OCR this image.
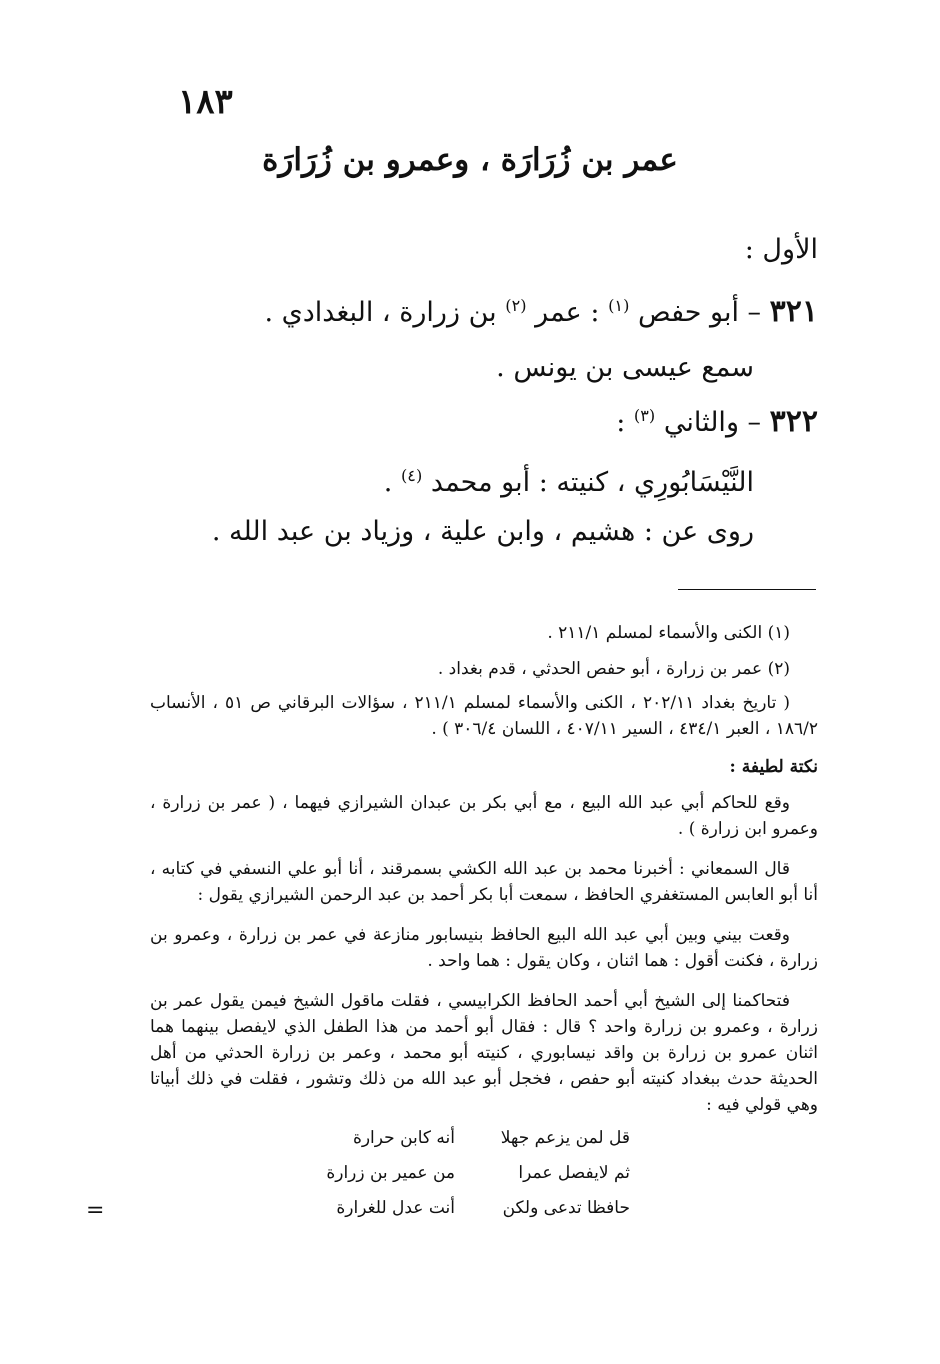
١٨٣
عمر بن زُرَارَة ، وعمرو بن زُرَارَة
الأول :
٣٢١ – أبو حفص $^{(١)}$ : عمر $^{(٢)}$ بن زرارة ، البغدادي .
سمع عيسى بن يونس .
٣٢٢ – والثاني $^{(٣)}$ :
النَّيْسَابُورِي ، كنيته : أبو محمد $^{(٤)}$ .
روى عن : هشيم ، وابن علية ، وزياد بن عبد الله .
(١) الكنى والأسماء لمسلم ٢١١/١ .
(٢) عمر بن زرارة ، أبو حفص الحدثي ، قدم بغداد .
( تاريخ بغداد ٢٠٢/١١ ، الكنى والأسماء لمسلم ٢١١/١ ، سؤالات البرقاني ص ٥١ ، الأنساب ١٨٦/٢ ، العبر ٤٣٤/١ ، السير ٤٠٧/١١ ، اللسان ٣٠٦/٤ ) .
نكتة لطيفة :
وقع للحاكم أبي عبد الله البيع ، مع أبي بكر بن عبدان الشيرازي فيهما ، ( عمر بن زرارة ، وعمرو ابن زرارة ) .
قال السمعاني : أخبرنا محمد بن عبد الله الكشي بسمرقند ، أنا أبو علي النسفي في كتابه ، أنا أبو العابس المستغفري الحافظ ، سمعت أبا بكر أحمد بن عبد الرحمن الشيرازي يقول :
وقعت بيني وبين أبي عبد الله البيع الحافظ بنيسابور منازعة في عمر بن زرارة ، وعمرو بن زرارة ، فكنت أقول : هما اثنان ، وكان يقول : هما واحد .
فتحاكمنا إلى الشيخ أبي أحمد الحافظ الكرابيسي ، فقلت ماقول الشيخ فيمن يقول عمر بن زرارة ، وعمرو بن زرارة واحد ؟ قال : فقال أبو أحمد من هذا الطفل الذي لايفصل بينهما هما اثنان عمرو بن زرارة بن واقد نيسابوري ، كنيته أبو محمد ، وعمر بن زرارة الحدثي من أهل الحديثة حدث ببغداد كنيته أبو حفص ، فخجل أبو عبد الله من ذلك وتشور ، فقلت في ذلك أبياتا وهي قولي فيه :
قل لمن يزعم جهلا
أنه كابن حرارة
ثم لايفصل عمرا
من عمير بن زرارة
حافظا تدعى ولكن
أنت عدل للغرارة
=
